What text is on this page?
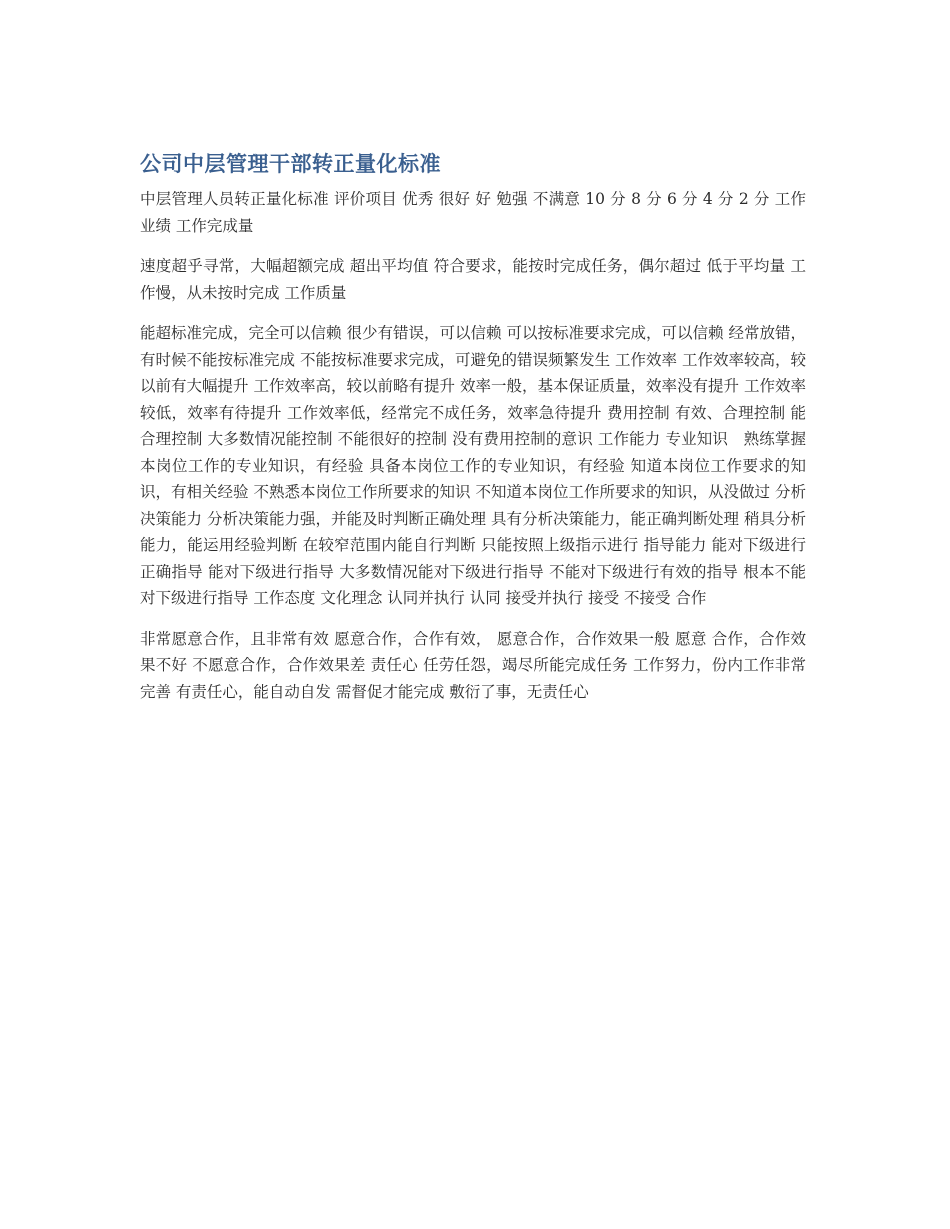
公司中层管理干部转正量化标准

中层管理人员转正量化标准 评价项目 优秀 很好 好 勉强 不满意 10 分 8 分 6 分 4 分 2 分 工作业绩 工作完成量

速度超乎寻常，大幅超额完成 超出平均值 符合要求，能按时完成任务，偶尔超过 低于平均量 工作慢，从未按时完成 工作质量

能超标准完成，完全可以信赖 很少有错误，可以信赖 可以按标准要求完成，可以信赖 经常放错，有时候不能按标准完成 不能按标准要求完成，可避免的错误频繁发生 工作效率 工作效率较高，较以前有大幅提升 工作效率高，较以前略有提升 效率一般，基本保证质量，效率没有提升 工作效率较低，效率有待提升 工作效率低，经常完不成任务，效率急待提升 费用控制 有效、合理控制 能合理控制 大多数情况能控制 不能很好的控制 没有费用控制的意识 工作能力 专业知识　熟练掌握本岗位工作的专业知识，有经验 具备本岗位工作的专业知识，有经验 知道本岗位工作要求的知识，有相关经验 不熟悉本岗位工作所要求的知识 不知道本岗位工作所要求的知识，从没做过 分析决策能力 分析决策能力强，并能及时判断正确处理 具有分析决策能力，能正确判断处理 稍具分析能力，能运用经验判断 在较窄范围内能自行判断 只能按照上级指示进行 指导能力 能对下级进行正确指导 能对下级进行指导 大多数情况能对下级进行指导 不能对下级进行有效的指导 根本不能对下级进行指导 工作态度 文化理念 认同并执行 认同 接受并执行 接受 不接受 合作

非常愿意合作，且非常有效 愿意合作，合作有效， 愿意合作，合作效果一般 愿意 合作，合作效果不好 不愿意合作，合作效果差 责任心 任劳任怨，竭尽所能完成任务 工作努力，份内工作非常完善 有责任心，能自动自发 需督促才能完成 敷衍了事，无责任心
